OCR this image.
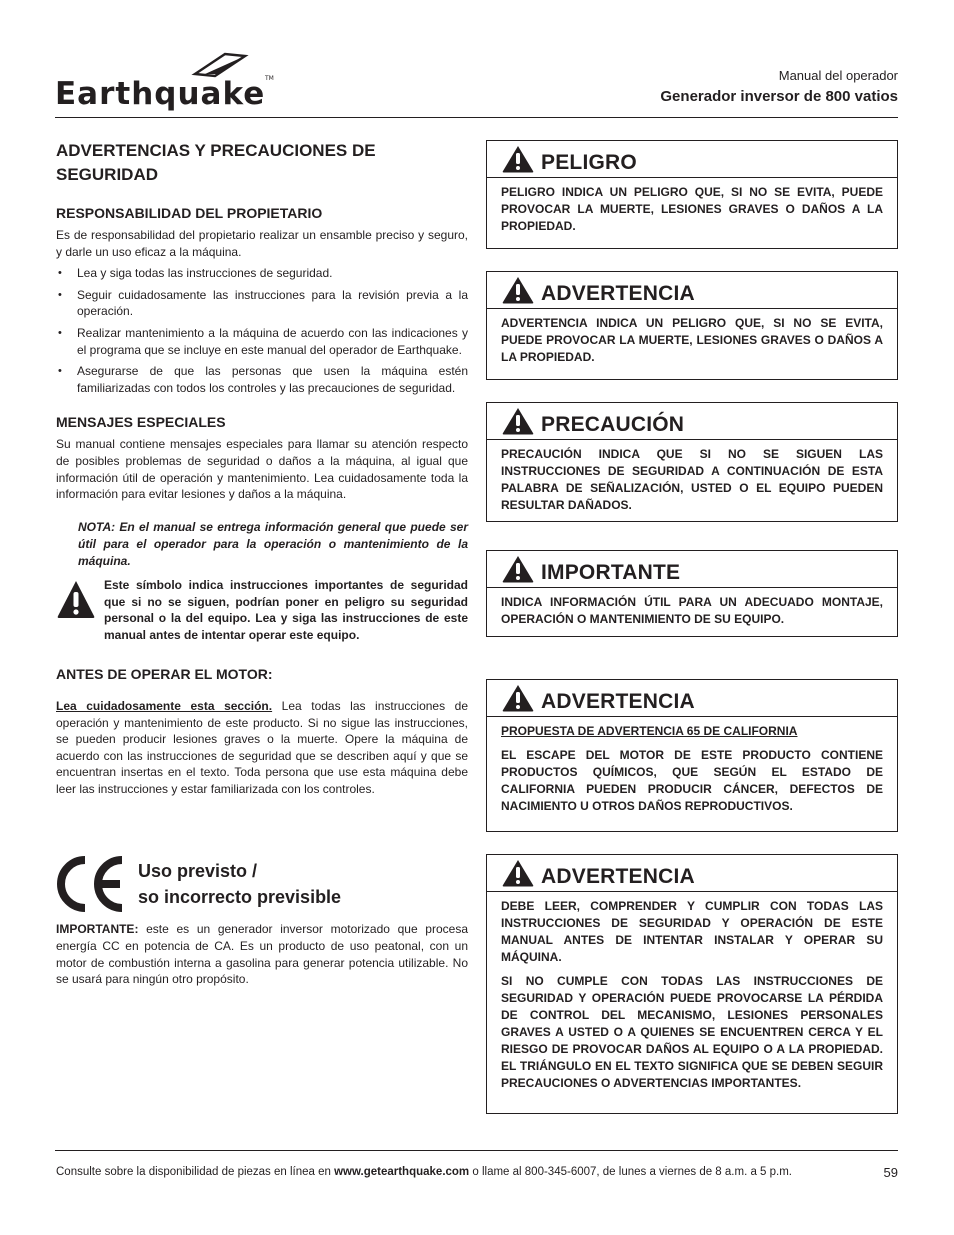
Earthquake TM	Manual del operador
Generador inversor de 800 vatios
ADVERTENCIAS Y PRECAUCIONES DE SEGURIDAD
RESPONSABILIDAD DEL PROPIETARIO
Es de responsabilidad del propietario realizar un ensamble preciso y seguro, y darle un uso eficaz a la máquina.
• Lea y siga todas las instrucciones de seguridad.
• Seguir cuidadosamente las instrucciones para la revisión previa a la operación.
• Realizar mantenimiento a la máquina de acuerdo con las indicaciones y el programa que se incluye en este manual del operador de Earthquake.
• Asegurarse de que las personas que usen la máquina estén familiarizadas con todos los controles y las precauciones de seguridad.
MENSAJES ESPECIALES
Su manual contiene mensajes especiales para llamar su atención respecto de posibles problemas de seguridad o daños a la máquina, al igual que información útil de operación y mantenimiento. Lea cuidadosamente toda la información para evitar lesiones y daños a la máquina.
NOTA: En el manual se entrega información general que puede ser útil para el operador para la operación o mantenimiento de la máquina.
Este símbolo indica instrucciones importantes de seguridad que si no se siguen, podrían poner en peligro su seguridad personal o la del equipo. Lea y siga las instrucciones de este manual antes de intentar operar este equipo.
ANTES DE OPERAR EL MOTOR:
Lea cuidadosamente esta sección. Lea todas las instrucciones de operación y mantenimiento de este producto. Si no sigue las instrucciones, se pueden producir lesiones graves o la muerte. Opere la máquina de acuerdo con las instrucciones de seguridad que se describen aquí y que se encuentran insertas en el texto. Toda persona que use esta máquina debe leer las instrucciones y estar familiarizada con los controles.
Uso previsto /
so incorrecto previsible
IMPORTANTE: este es un generador inversor motorizado que procesa energía CC en potencia de CA. Es un producto de uso peatonal, con un motor de combustión interna a gasolina para generar potencia utilizable. No se usará para ningún otro propósito.
PELIGRO

PELIGRO INDICA UN PELIGRO QUE, SI NO SE EVITA, PUEDE PROVOCAR LA MUERTE, LESIONES GRAVES O DAÑOS A LA PROPIEDAD.

ADVERTENCIA

ADVERTENCIA INDICA UN PELIGRO QUE, SI NO SE EVITA, PUEDE PROVOCAR LA MUERTE, LESIONES GRAVES O DAÑOS A LA PROPIEDAD.

PRECAUCIÓN

PRECAUCIÓN INDICA QUE SI NO SE SIGUEN LAS INSTRUCCIONES DE SEGURIDAD A CONTINUACIÓN DE ESTA PALABRA DE SEÑALIZACIÓN, USTED O EL EQUIPO PUEDEN RESULTAR DAÑADOS.

IMPORTANTE

INDICA INFORMACIÓN ÚTIL PARA UN ADECUADO MONTAJE, OPERACIÓN O MANTENIMIENTO DE SU EQUIPO.

ADVERTENCIA

PROPUESTA DE ADVERTENCIA 65 DE CALIFORNIA

EL ESCAPE DEL MOTOR DE ESTE PRODUCTO CONTIENE PRODUCTOS QUÍMICOS, QUE SEGÚN EL ESTADO DE CALIFORNIA PUEDEN PRODUCIR CÁNCER, DEFECTOS DE NACIMIENTO U OTROS DAÑOS REPRODUCTIVOS.

ADVERTENCIA

DEBE LEER, COMPRENDER Y CUMPLIR CON TODAS LAS INSTRUCCIONES DE SEGURIDAD Y OPERACIÓN DE ESTE MANUAL ANTES DE INTENTAR INSTALAR Y OPERAR SU MÁQUINA.

SI NO CUMPLE CON TODAS LAS INSTRUCCIONES DE SEGURIDAD Y OPERACIÓN PUEDE PROVOCARSE LA PÉRDIDA DE CONTROL DEL MECANISMO, LESIONES PERSONALES GRAVES A USTED O A QUIENES SE ENCUENTREN CERCA Y EL RIESGO DE PROVOCAR DAÑOS AL EQUIPO O A LA PROPIEDAD. EL TRIÁNGULO EN EL TEXTO SIGNIFICA QUE SE DEBEN SEGUIR PRECAUCIONES O ADVERTENCIAS IMPORTANTES.

Consulte sobre la disponibilidad de piezas en línea en www.getearthquake.com o llame al 800-345-6007, de lunes a viernes de 8 a.m. a 5 p.m.	59
